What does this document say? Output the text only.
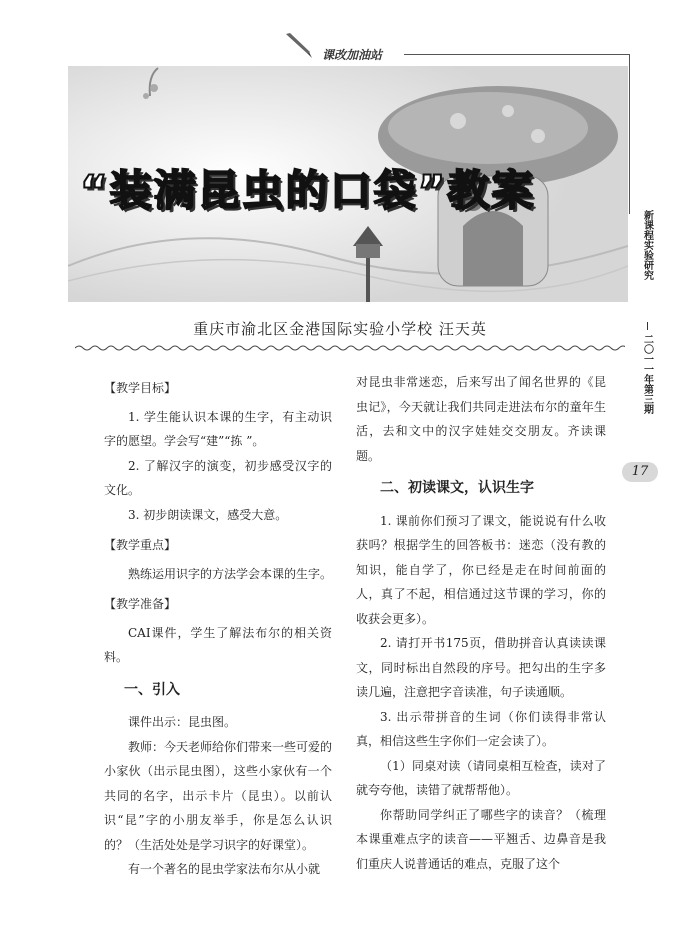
课改加油站
“装满昆虫的口袋”教案
重庆市渝北区金港国际实验小学校 汪天英
新课程实验研究
二〇一一年第三期
17

【教学目标】

1. 学生能认识本课的生字，有主动识字的愿望。学会写“建”“拣 ”。

2. 了解汉字的演变，初步感受汉字的文化。

3. 初步朗读课文，感受大意。

【教学重点】

熟练运用识字的方法学会本课的生字。

【教学准备】

CAI课件，学生了解法布尔的相关资料。

一、引入

课件出示：昆虫图。

教师：今天老师给你们带来一些可爱的小家伙（出示昆虫图），这些小家伙有一个共同的名字，出示卡片（昆虫）。以前认识“昆”字的小朋友举手，你是怎么认识的？（生活处处是学习识字的好课堂）。

有一个著名的昆虫学家法布尔从小就

对昆虫非常迷恋，后来写出了闻名世界的《昆虫记》，今天就让我们共同走进法布尔的童年生活，去和文中的汉字娃娃交交朋友。齐读课题。

二、初读课文，认识生字

1. 课前你们预习了课文，能说说有什么收获吗？根据学生的回答板书：迷恋（没有教的知识，能自学了，你已经是走在时间前面的人，真了不起，相信通过这节课的学习，你的收获会更多）。

2. 请打开书175页，借助拼音认真读读课文，同时标出自然段的序号。把勾出的生字多读几遍，注意把字音读准，句子读通顺。

3. 出示带拼音的生词（你们读得非常认真，相信这些生字你们一定会读了）。

（1）同桌对读（请同桌相互检查，读对了就夸夸他，读错了就帮帮他）。

你帮助同学纠正了哪些字的读音？（梳理本课重难点字的读音——平翘舌、边鼻音是我们重庆人说普通话的难点，克服了这个
